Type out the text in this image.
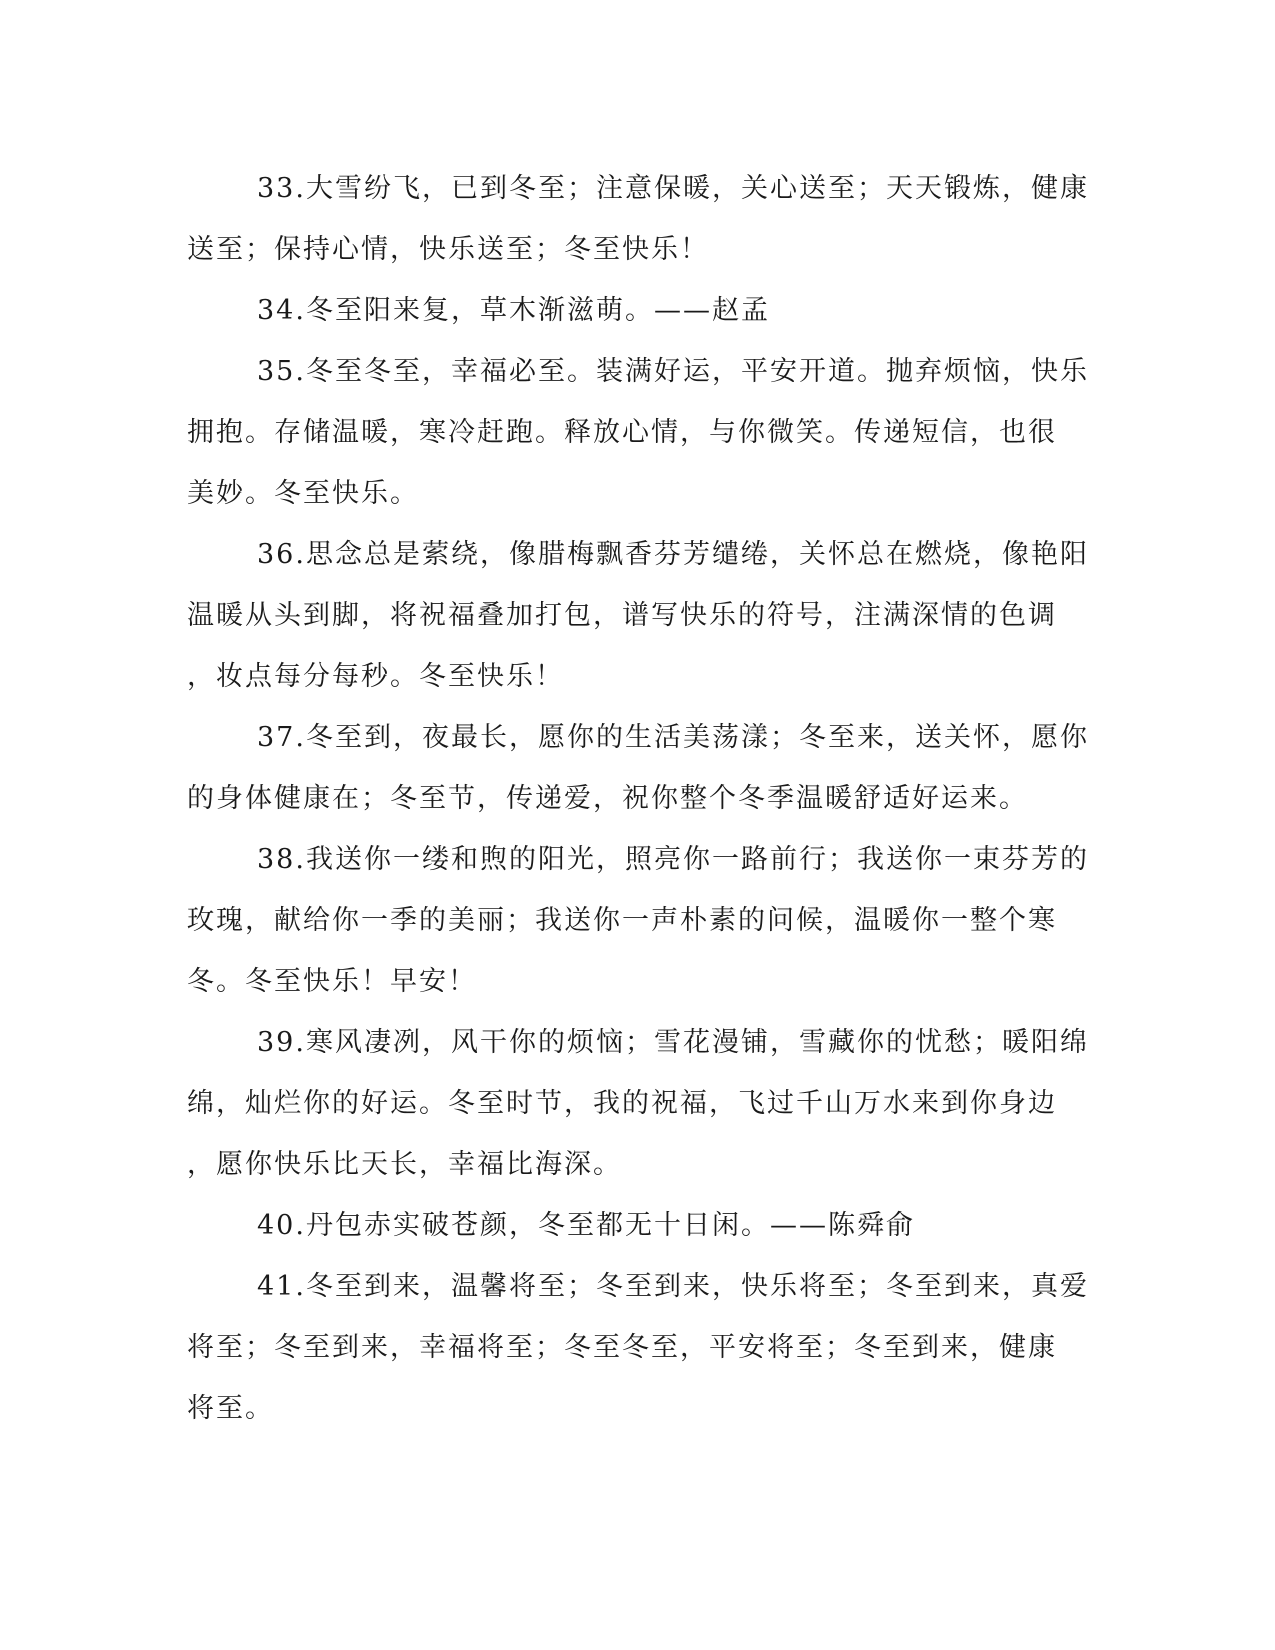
33.大雪纷飞，已到冬至；注意保暖，关心送至；天天锻炼，健康
送至；保持心情，快乐送至；冬至快乐！

34.冬至阳来复，草木渐滋萌。——赵孟

35.冬至冬至，幸福必至。装满好运，平安开道。抛弃烦恼，快乐
拥抱。存储温暖，寒冷赶跑。释放心情，与你微笑。传递短信，也很
美妙。冬至快乐。

36.思念总是萦绕，像腊梅飘香芬芳缱绻，关怀总在燃烧，像艳阳
温暖从头到脚，将祝福叠加打包，谱写快乐的符号，注满深情的色调
，妆点每分每秒。冬至快乐！

37.冬至到，夜最长，愿你的生活美荡漾；冬至来，送关怀，愿你
的身体健康在；冬至节，传递爱，祝你整个冬季温暖舒适好运来。

38.我送你一缕和煦的阳光，照亮你一路前行；我送你一束芬芳的
玫瑰，献给你一季的美丽；我送你一声朴素的问候，温暖你一整个寒
冬。冬至快乐！早安！

39.寒风凄冽，风干你的烦恼；雪花漫铺，雪藏你的忧愁；暖阳绵
绵，灿烂你的好运。冬至时节，我的祝福，飞过千山万水来到你身边
，愿你快乐比天长，幸福比海深。

40.丹包赤实破苍颜，冬至都无十日闲。——陈舜俞

41.冬至到来，温馨将至；冬至到来，快乐将至；冬至到来，真爱
将至；冬至到来，幸福将至；冬至冬至，平安将至；冬至到来，健康
将至。
